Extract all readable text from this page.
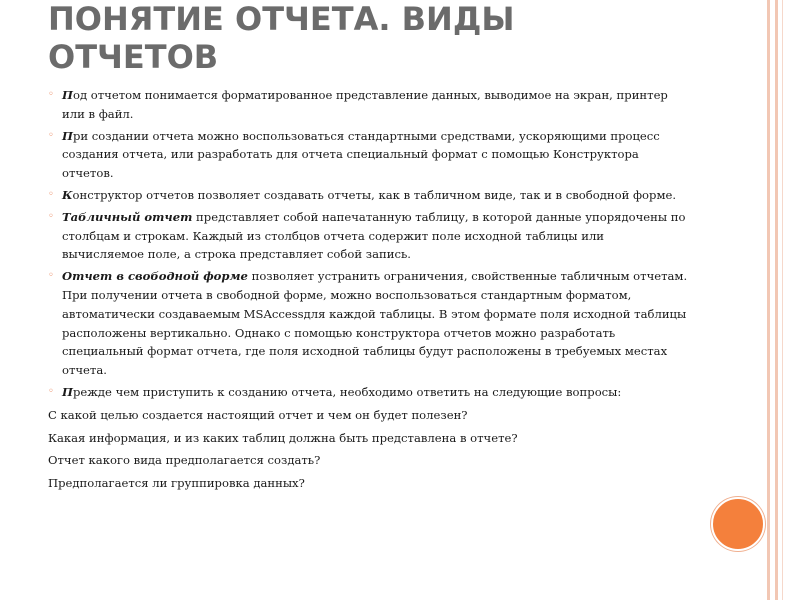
ПОНЯТИЕ ОТЧЕТА. ВИДЫ ОТЧЕТОВ
◦ Под отчетом понимается форматированное представление данных, выводимое на экран, принтер или в файл.
◦ При создании отчета можно воспользоваться стандартными средствами, ускоряющими процесс создания отчета, или разработать для отчета специальный формат с помощью Конструктора отчетов.
◦ Конструктор отчетов позволяет создавать отчеты, как в табличном виде, так и в свободной форме.
◦ Табличный отчет представляет собой напечатанную таблицу, в которой данные упорядочены по столбцам и строкам. Каждый из столбцов отчета содержит поле исходной таблицы или вычисляемое поле, а строка представляет собой запись.
◦ Отчет в свободной форме позволяет устранить ограничения, свойственные табличным отчетам. При получении отчета в свободной форме, можно воспользоваться стандартным форматом, автоматически создаваемым MSAccessдля каждой таблицы. В этом формате поля исходной таблицы расположены вертикально. Однако с помощью конструктора отчетов можно разработать специальный формат отчета, где поля исходной таблицы будут расположены в требуемых местах отчета.
◦ Прежде чем приступить к созданию отчета, необходимо ответить на следующие вопросы:
С какой целью создается настоящий отчет и чем он будет полезен?
Какая информация, и из каких таблиц должна быть представлена в отчете?
Отчет какого вида предполагается создать?
Предполагается ли группировка данных?
